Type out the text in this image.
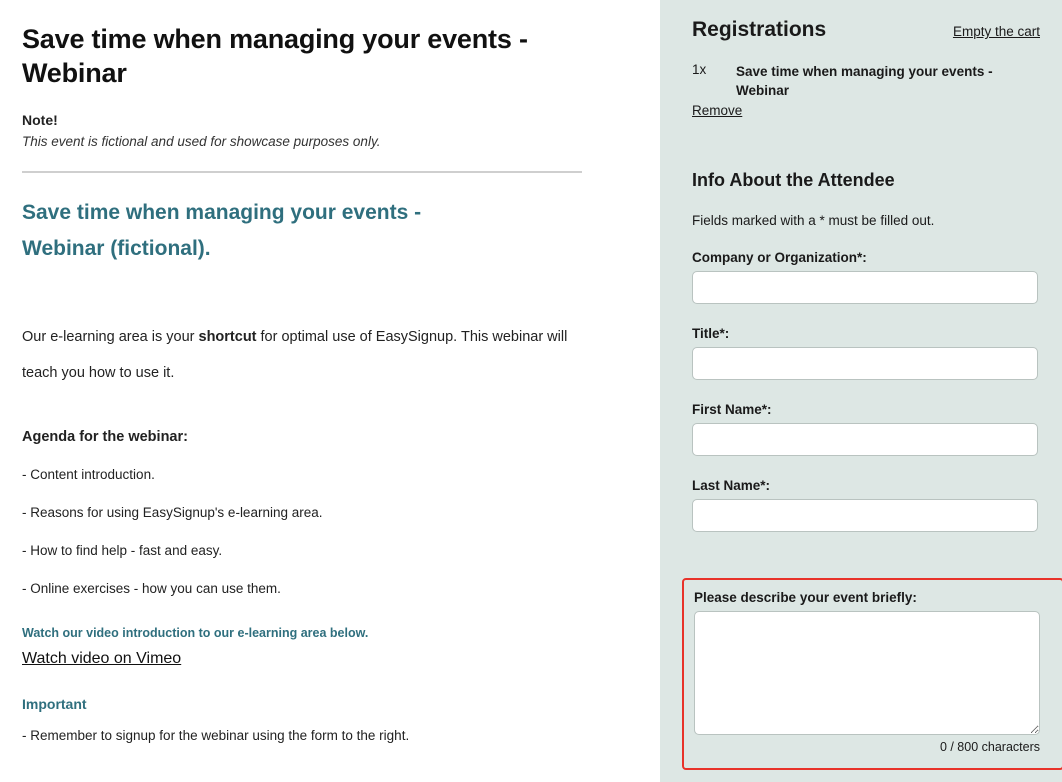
Save time when managing your events - Webinar
Note!
This event is fictional and used for showcase purposes only.
Save time when managing your events - Webinar (fictional).

Our e-learning area is your shortcut for optimal use of EasySignup. This webinar will teach you how to use it.

Agenda for the webinar:
- Content introduction.
- Reasons for using EasySignup's e-learning area.
- How to find help - fast and easy.
- Online exercises - how you can use them.
Watch our video introduction to our e-learning area below.
Watch video on Vimeo
Important
- Remember to signup for the webinar using the form to the right.
Registrations	Empty the cart
1x	Save time when managing your events - Webinar
Remove
Info About the Attendee
Fields marked with a * must be filled out.
Company or Organization*:
Title*:
First Name*:
Last Name*:
Please describe your event briefly:
0 / 800 characters
